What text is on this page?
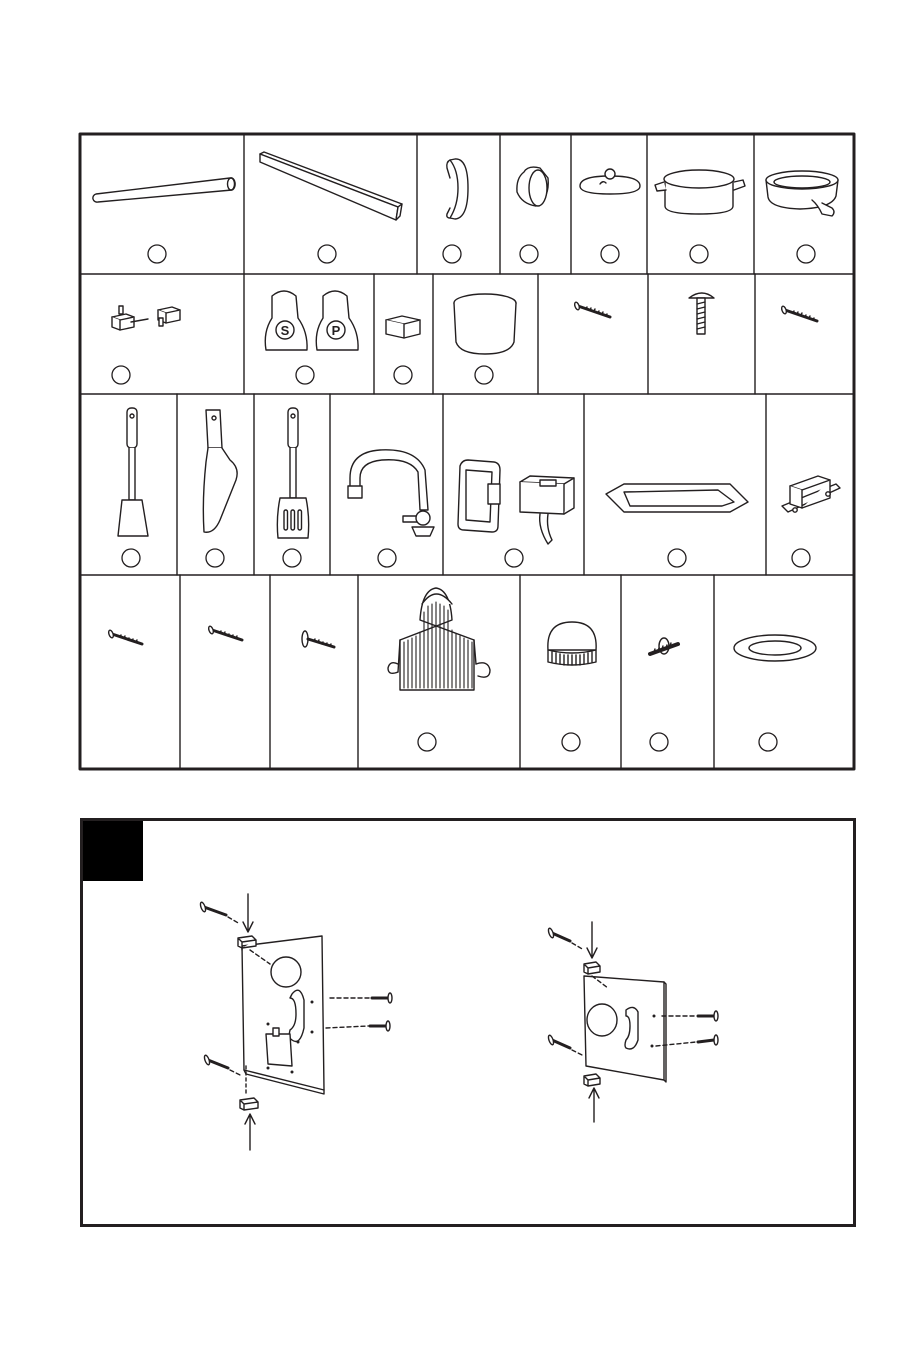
S	P
